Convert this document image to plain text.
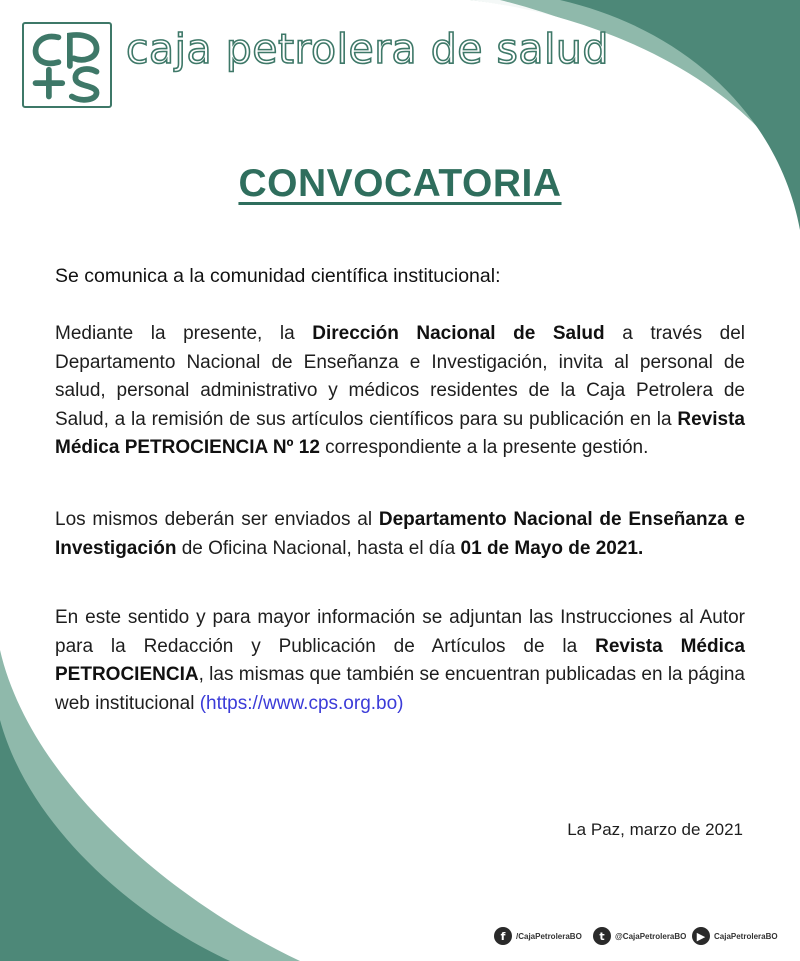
caja petrolera de salud
CONVOCATORIA
Se comunica a la comunidad científica institucional:
Mediante la presente, la Dirección Nacional de Salud a través del Departamento Nacional de Enseñanza e Investigación, invita al personal de salud, personal administrativo y médicos residentes de la Caja Petrolera de Salud, a la remisión de sus artículos científicos para su publicación en la Revista Médica PETROCIENCIA Nº 12 correspondiente a la presente gestión.
Los mismos deberán ser enviados al Departamento Nacional de Enseñanza e Investigación de Oficina Nacional, hasta el día 01 de Mayo de 2021.
En este sentido y para mayor información se adjuntan las Instrucciones al Autor para la Redacción y Publicación de Artículos de la Revista Médica PETROCIENCIA, las mismas que también se encuentran publicadas en la página web institucional (https://www.cps.org.bo)
La Paz, marzo de 2021
f	/CajaPetroleraBO	t	@CajaPetroleraBO ▶	CajaPetroleraBO
